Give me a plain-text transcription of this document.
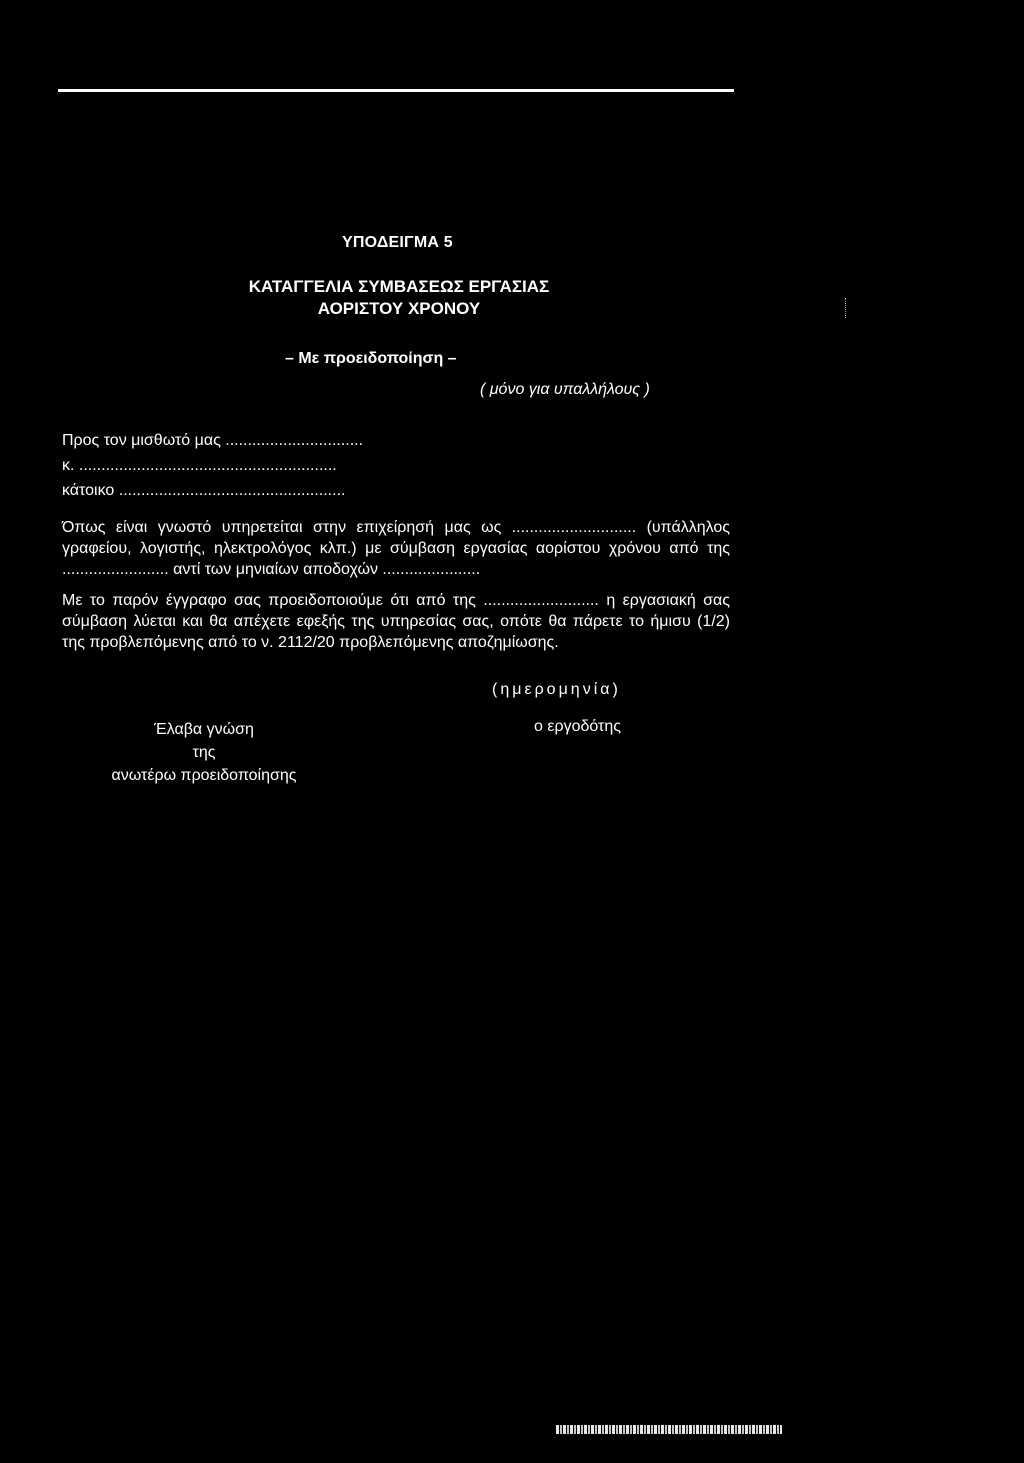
ΥΠΟΔΕΙΓΜΑ 5
ΚΑΤΑΓΓΕΛΙΑ ΣΥΜΒΑΣΕΩΣ ΕΡΓΑΣΙΑΣ
ΑΟΡΙΣΤΟΥ ΧΡΟΝΟΥ
– Με προειδοποίηση –
( μόνο για υπαλλήλους )
Προς τον μισθωτό μας ...............................
κ. ..........................................................
κάτοικο ...................................................

Όπως είναι γνωστό υπηρετείται στην επιχείρησή μας ως ............................ (υπάλληλος γραφείου, λογιστής, ηλεκτρολόγος κλπ.) με σύμβαση εργασίας αορίστου χρόνου από της ........................ αντί των μηνιαίων αποδοχών ......................

Με το παρόν έγγραφο σας προειδοποιούμε ότι από της .......................... η εργασιακή σας σύμβαση λύεται και θα απέχετε εφεξής της υπηρεσίας σας, οπότε θα πάρετε το ήμισυ (1/2) της προβλεπόμενης από το ν. 2112/20 προβλεπόμενης αποζημίωσης.

(ημερομηνία)
Έλαβα γνώση
της
ανωτέρω προειδοποίησης
ο εργοδότης
